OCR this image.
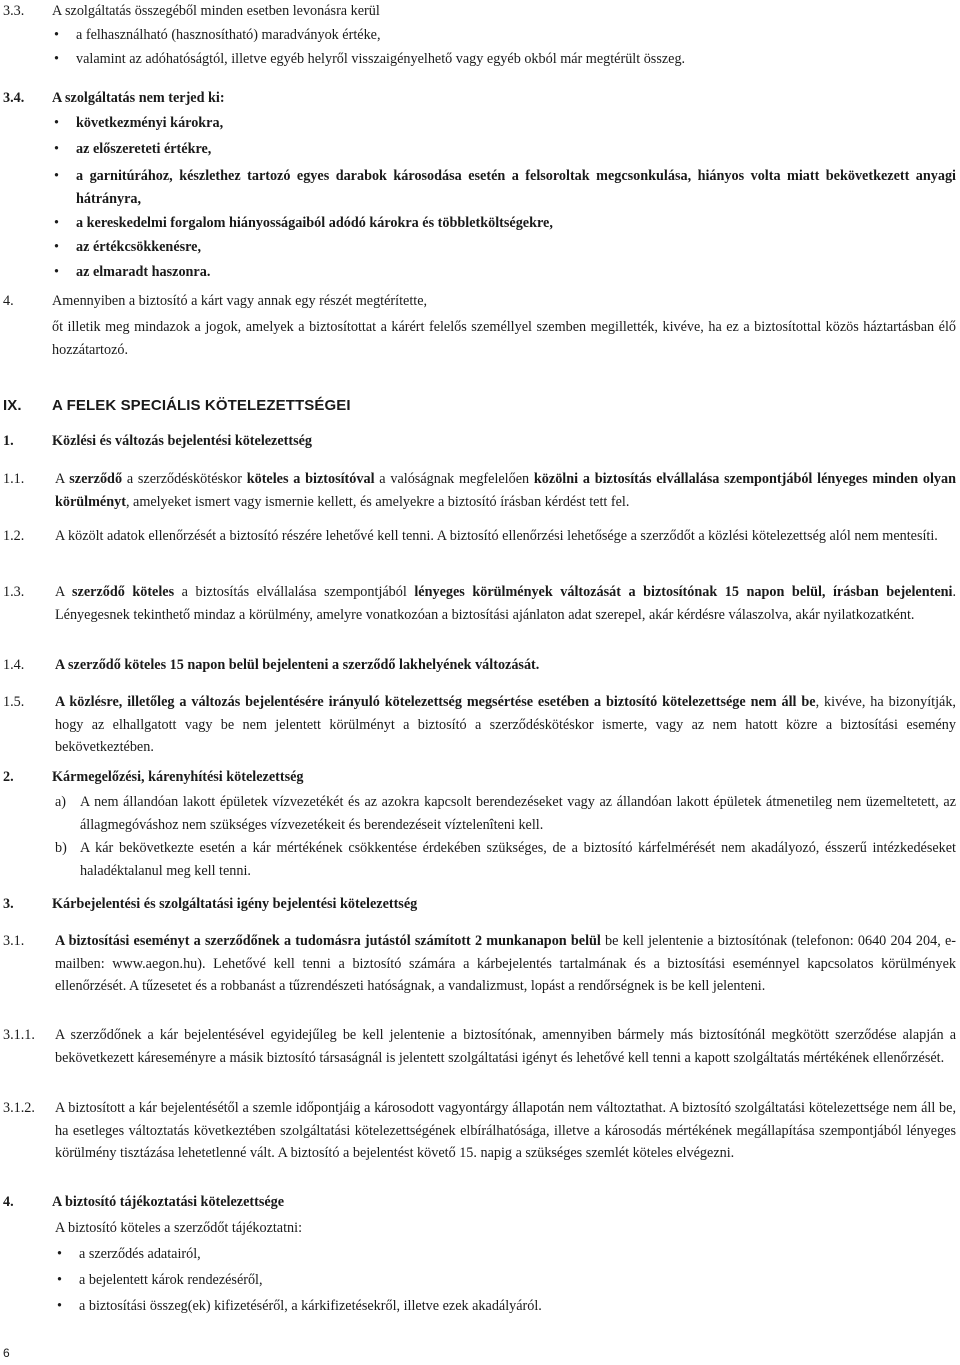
3.3. A szolgáltatás összegéből minden esetben levonásra kerül
• a felhasználható (hasznosítható) maradványok értéke,
• valamint az adóhatóságtól, illetve egyéb helyről visszaigényelhető vagy egyéb okból már megtérült összeg.
3.4. A szolgáltatás nem terjed ki:
• következményi károkra,
• az előszereteti értékre,
• a garnitúrához, készlethez tartozó egyes darabok károsodása esetén a felsoroltak megcsonkulása, hiányos volta miatt bekövetkezett anyagi hátrányra,
• a kereskedelmi forgalom hiányosságaiból adódó károkra és többletköltségekre,
• az értékcsökkenésre,
• az elmaradt haszonra.
4.	Amennyiben a biztosító a kárt vagy annak egy részét megtérítette,
őt illetik meg mindazok a jogok, amelyek a biztosítottat a kárért felelős személlyel szemben megillették, kivéve, ha ez a biztosítottal közös háztartásban élő hozzátartozó.
IX. A FELEK SPECIÁLIS KÖTELEZETTSÉGEI
1.	Közlési és változás bejelentési kötelezettség
1.1. A szerződő a szerződéskötéskor köteles a biztosítóval a valóságnak megfelelően közölni a biztosítás elvállalása szempontjából lényeges minden olyan körülményt, amelyeket ismert vagy ismernie kellett, és amelyekre a biztosító írásban kérdést tett fel.
1.2. A közölt adatok ellenőrzését a biztosító részére lehetővé kell tenni. A biztosító ellenőrzési lehetősége a szerződőt a közlési kötelezettség alól nem mentesíti.
1.3. A szerződő köteles a biztosítás elvállalása szempontjából lényeges körülmények változását a biztosítónak 15 napon belül, írásban bejelenteni. Lényegesnek tekinthető mindaz a körülmény, amelyre vonatkozóan a biztosítási ajánlaton adat szerepel, akár kérdésre válaszolva, akár nyilatkozatként.
1.4. A szerződő köteles 15 napon belül bejelenteni a szerződő lakhelyének változását.
1.5. A közlésre, illetőleg a változás bejelentésére irányuló kötelezettség megsértése esetében a biztosító kötelezettsége nem áll be, kivéve, ha bizonyítják, hogy az elhallgatott vagy be nem jelentett körülményt a biztosító a szerződéskötéskor ismerte, vagy az nem hatott közre a biztosítási esemény bekövetkeztében.
2.	Kármegelőzési, kárenyhítési kötelezettség
a) A nem állandóan lakott épületek vízvezetékét és az azokra kapcsolt berendezéseket vagy az állandóan lakott épületek átmenetileg nem üzemeltetett, az állagmegóváshoz nem szükséges vízvezetékeit és berendezéseit víztelenîteni kell.
b) A kár bekövetkezte esetén a kár mértékének csökkentése érdekében szükséges, de a biztosító kárfelmérését nem akadályozó, ésszerű intézkedéseket haladéktalanul meg kell tenni.
3.	Kárbejelentési és szolgáltatási igény bejelentési kötelezettség
3.1. A biztosítási eseményt a szerződőnek a tudomásra jutástól számított 2 munkanapon belül be kell jelentenie a biztosítónak (telefonon: 0640 204 204, e-mailben: www.aegon.hu). Lehetővé kell tenni a biztosító számára a kárbejelentés tartalmának és a biztosítási eseménnyel kapcsolatos körülmények ellenőrzését. A tűzesetet és a robbanást a tűzrendészeti hatóságnak, a vandalizmust, lopást a rendőrségnek is be kell jelenteni.
3.1.1. A szerződőnek a kár bejelentésével egyidejűleg be kell jelentenie a biztosítónak, amennyiben bármely más biztosítónál megkötött szerződése alapján a bekövetkezett káreseményre a másik biztosító társaságnál is jelentett szolgáltatási igényt és lehetővé kell tenni a kapott szolgáltatás mértékének ellenőrzését.
3.1.2. A biztosított a kár bejelentésétől a szemle időpontjáig a károsodott vagyontárgy állapotán nem változtathat. A biztosító szolgáltatási kötelezettsége nem áll be, ha esetleges változtatás következtében szolgáltatási kötelezettségének elbírálhatósága, illetve a károsodás mértékének megállapítása szempontjából lényeges körülmény tisztázása lehetetlenné vált. A biztosító a bejelentést követő 15. napig a szükséges szemlét köteles elvégezni.
4.	A biztosító tájékoztatási kötelezettsége
A biztosító köteles a szerződőt tájékoztatni:
• a szerződés adatairól,
• a bejelentett károk rendezéséről,
• a biztosítási összeg(ek) kifizetéséről, a kárkifizetésekről, illetve ezek akadályáról.
6
